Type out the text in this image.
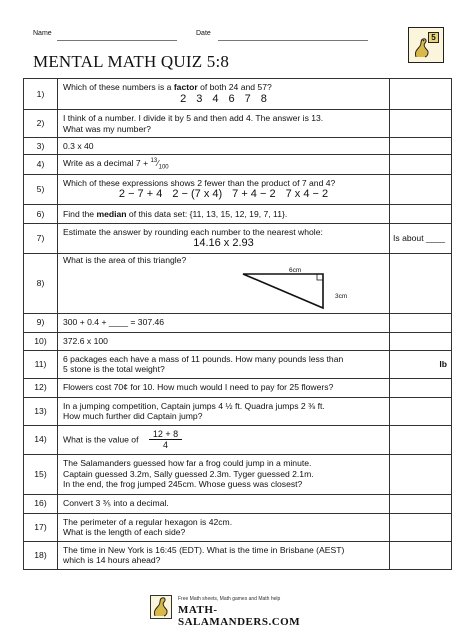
Name	Date
MENTAL MATH QUIZ 5:8
5
1)	Which of these numbers is a factor of both 24 and 57?
2 3 4 6 7 8	

2)	I think of a number. I divide it by 5 and then add 4. The answer is 13.
What was my number?	

3)	0.3 x 40	
4)	Write as a decimal $7 + ^{13}⁄_{100}$	
5)	Which of these expressions shows 2 fewer than the product of 7 and 4?
2 − 7 + 4 2 − (7 x 4) 7 + 4 − 2 7 x 4 − 2	

6)	Find the median of this data set: {11, 13, 15, 12, 19, 7, 11}.	
7)	Estimate the answer by rounding each number to the nearest whole:
14.16 x 2.93	Is about ____
8)	What is the area of this triangle?
6cm
3cm	

9)	300 + 0.4 + ____ = 307.46	
10)	372.6 x 100	
11)	6 packages each have a mass of 11 pounds. How many pounds less than
5 stone is the total weight?	lb
12)	Flowers cost 70¢ for 10. How much would I need to pay for 25 flowers?	
13)	In a jumping competition, Captain jumps 4 ½ ft. Quadra jumps 2 ⅜ ft.
How much further did Captain jump?	

14)	What is the value of $\frac{12 + 8}{4}$

15)	The Salamanders guessed how far a frog could jump in a minute.
Captain guessed 3.2m, Sally guessed 2.3m. Tyger guessed 2.1m.
In the end, the frog jumped 245cm. Whose guess was closest?	

16)	Convert 3 ⅗ into a decimal.	
17)	The perimeter of a regular hexagon is 42cm.
What is the length of each side?	

18)	The time in New York is 16:45 (EDT). What is the time in Brisbane (AEST)
which is 14 hours ahead?	

Free Math sheets, Math games and Math help
MATH-SALAMANDERS.COM
